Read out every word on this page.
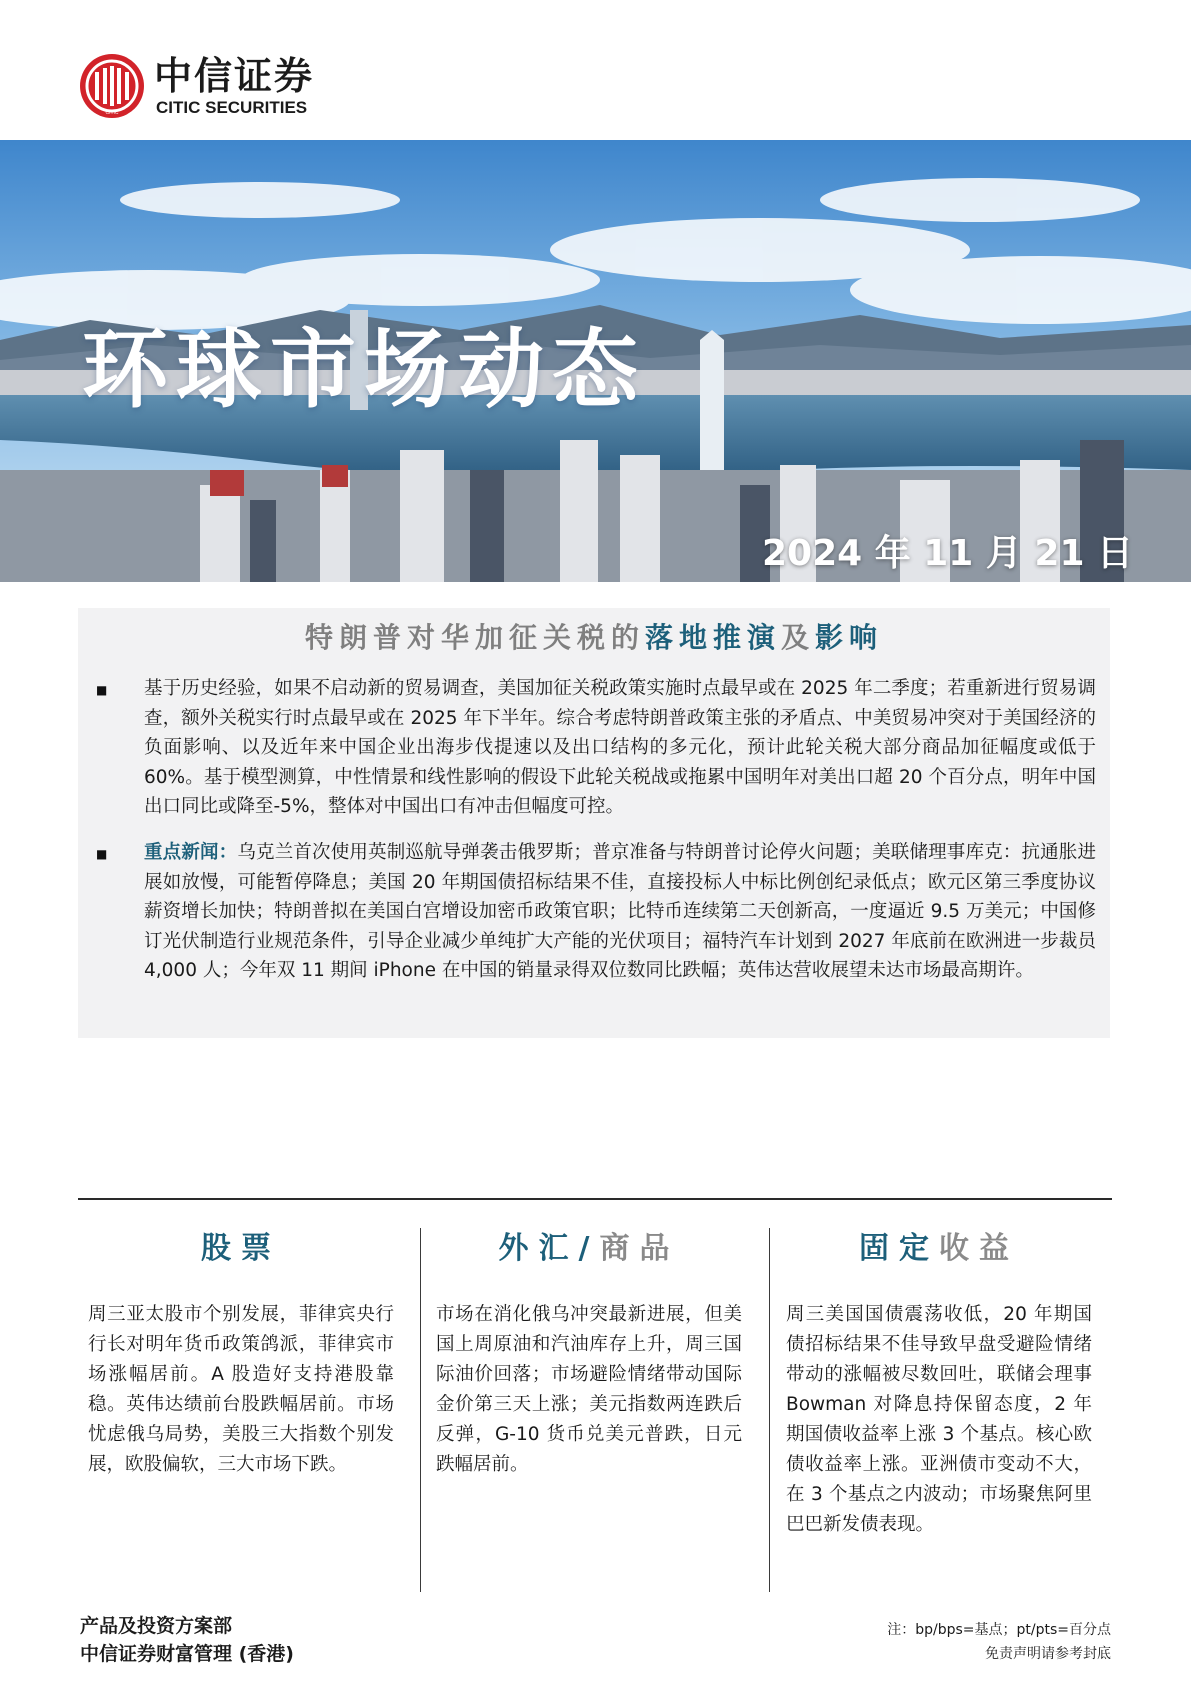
CITIC
中信证券
CITIC SECURITIES
环球市场动态
2024 年 11 月 21 日
特朗普对华加征关税的落地推演及影响
■ 基于历史经验，如果不启动新的贸易调查，美国加征关税政策实施时点最早或在 2025 年二季度；若重新进行贸易调查，额外关税实行时点最早或在 2025 年下半年。综合考虑特朗普政策主张的矛盾点、中美贸易冲突对于美国经济的负面影响、以及近年来中国企业出海步伐提速以及出口结构的多元化，预计此轮关税大部分商品加征幅度或低于 60%。基于模型测算，中性情景和线性影响的假设下此轮关税战或拖累中国明年对美出口超 20 个百分点，明年中国出口同比或降至-5%，整体对中国出口有冲击但幅度可控。
■ 重点新闻：乌克兰首次使用英制巡航导弹袭击俄罗斯；普京准备与特朗普讨论停火问题；美联储理事库克：抗通胀进展如放慢，可能暂停降息；美国 20 年期国债招标结果不佳，直接投标人中标比例创纪录低点；欧元区第三季度协议薪资增长加快；特朗普拟在美国白宫增设加密币政策官职；比特币连续第二天创新高，一度逼近 9.5 万美元；中国修订光伏制造行业规范条件，引导企业减少单纯扩大产能的光伏项目；福特汽车计划到 2027 年底前在欧洲进一步裁员 4,000 人；今年双 11 期间 iPhone 在中国的销量录得双位数同比跌幅；英伟达营收展望未达市场最高期许。
股票
周三亚太股市个别发展，菲律宾央行行长对明年货币政策鸽派，菲律宾市场涨幅居前。A 股造好支持港股靠稳。英伟达绩前台股跌幅居前。市场忧虑俄乌局势，美股三大指数个别发展，欧股偏软，三大市场下跌。
外汇/商品
市场在消化俄乌冲突最新进展，但美国上周原油和汽油库存上升，周三国际油价回落；市场避险情绪带动国际金价第三天上涨；美元指数两连跌后反弹，G-10 货币兑美元普跌，日元跌幅居前。
固定收益
周三美国国债震荡收低，20 年期国债招标结果不佳导致早盘受避险情绪带动的涨幅被尽数回吐，联储会理事 Bowman 对降息持保留态度，2 年期国债收益率上涨 3 个基点。核心欧债收益率上涨。亚洲债市变动不大，在 3 个基点之内波动；市场聚焦阿里巴巴新发债表现。
产品及投资方案部
中信证券财富管理 (香港)
注：bp/bps=基点；pt/pts=百分点
免责声明请参考封底
